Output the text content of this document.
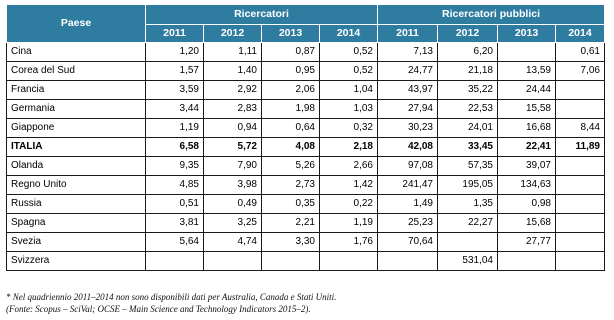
Paese	Ricercatori				Ricercatori pubblici			
	2011	2012	2013	2014	2011	2012	2013	2014
Cina	1,20	1,11	0,87	0,52	7,13	6,20		0,61
Corea del Sud	1,57	1,40	0,95	0,52	24,77	21,18	13,59	7,06
Francia	3,59	2,92	2,06	1,04	43,97	35,22	24,44	
Germania	3,44	2,83	1,98	1,03	27,94	22,53	15,58	
Giappone	1,19	0,94	0,64	0,32	30,23	24,01	16,68	8,44
ITALIA	6,58	5,72	4,08	2,18	42,08	33,45	22,41	11,89
Olanda	9,35	7,90	5,26	2,66	97,08	57,35	39,07	
Regno Unito	4,85	3,98	2,73	1,42	241,47	195,05	134,63	
Russia	0,51	0,49	0,35	0,22	1,49	1,35	0,98	
Spagna	3,81	3,25	2,21	1,19	25,23	22,27	15,68	
Svezia	5,64	4,74	3,30	1,76	70,64		27,77	
Svizzera						531,04		
* Nel quadriennio 2011–2014 non sono disponibili dati per Australia, Canada e Stati Uniti.
(Fonte: Scopus – SciVal; OCSE – Main Science and Technology Indicators 2015–2).
